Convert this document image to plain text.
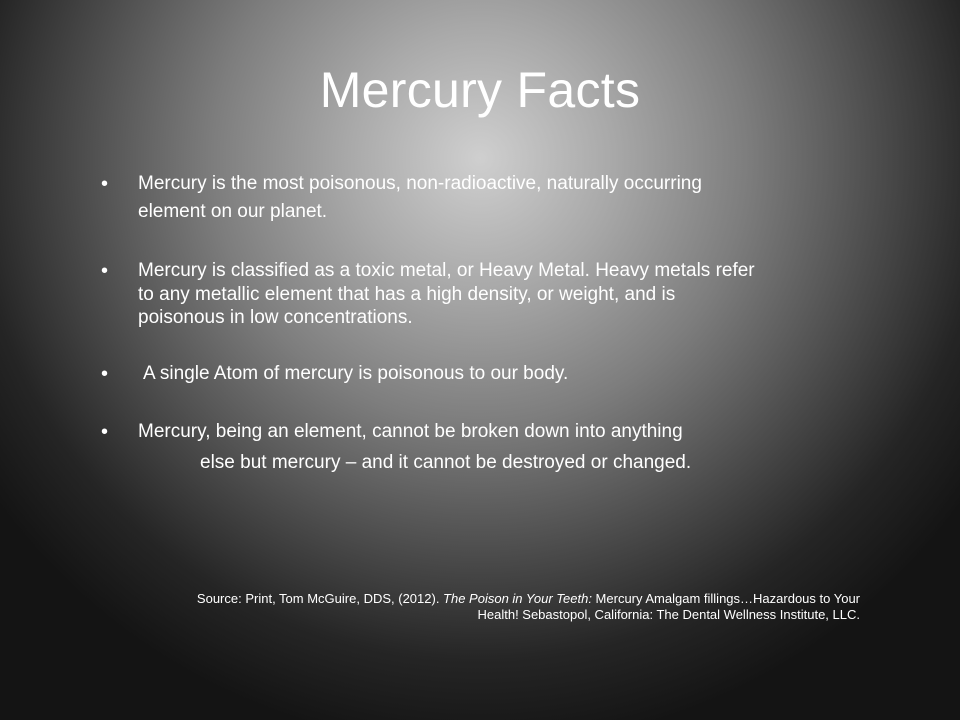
Mercury Facts
• Mercury is the most poisonous, non-radioactive, naturally occurring
element on our planet.
• Mercury is classified as a toxic metal, or Heavy Metal. Heavy metals refer
to any metallic element that has a high density, or weight, and is
poisonous in low concentrations.
• A single Atom of mercury is poisonous to our body.
• Mercury, being an element, cannot be broken down into anything
else but mercury – and it cannot be destroyed or changed.
Source: Print, Tom McGuire, DDS, (2012). The Poison in Your Teeth: Mercury Amalgam fillings…Hazardous to Your
Health! Sebastopol, California: The Dental Wellness Institute, LLC.
